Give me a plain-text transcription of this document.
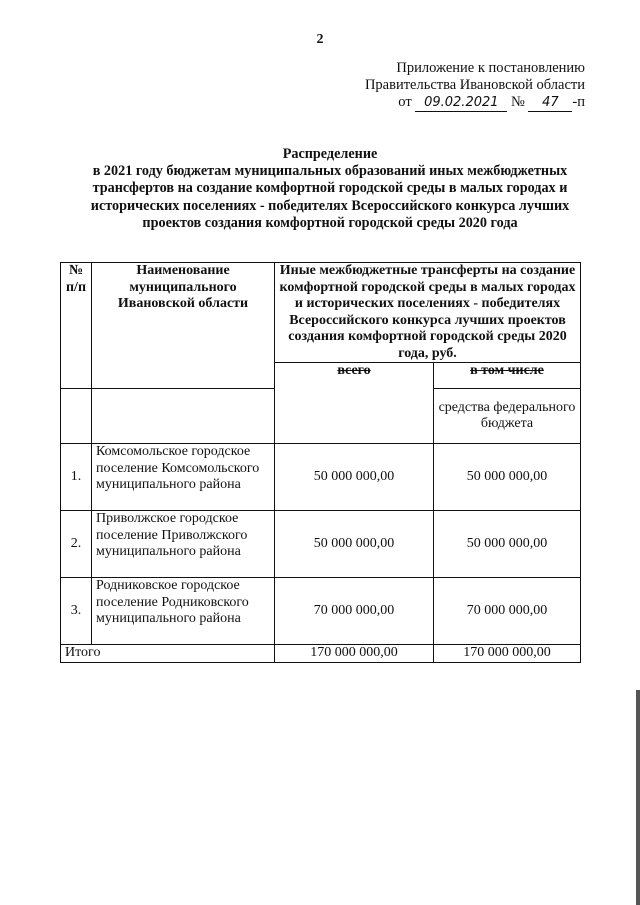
2
Приложение к постановлению
Правительства Ивановской области
от 09.02.2021 № 47 -п
Распределение
в 2021 году бюджетам муниципальных образований иных межбюджетных трансфертов на создание комфортной городской среды в малых городах и исторических поселениях - победителях Всероссийского конкурса лучших проектов создания комфортной городской среды 2020 года
№ п/п	Наименование муниципального Ивановской области	Иные межбюджетные трансферты на создание комфортной городской среды в малых городах и исторических поселениях - победителях Всероссийского конкурса лучших проектов создания комфортной городской среды 2020 года, руб.	
		всего	в том числе
			средства федерального бюджета
1.	Комсомольское городское поселение Комсомольского муниципального района	50 000 000,00	50 000 000,00
2.	Приволжское городское поселение Приволжского муниципального района	50 000 000,00	50 000 000,00
3.	Родниковское городское поселение Родниковского муниципального района	70 000 000,00	70 000 000,00
Итого		170 000 000,00	170 000 000,00
